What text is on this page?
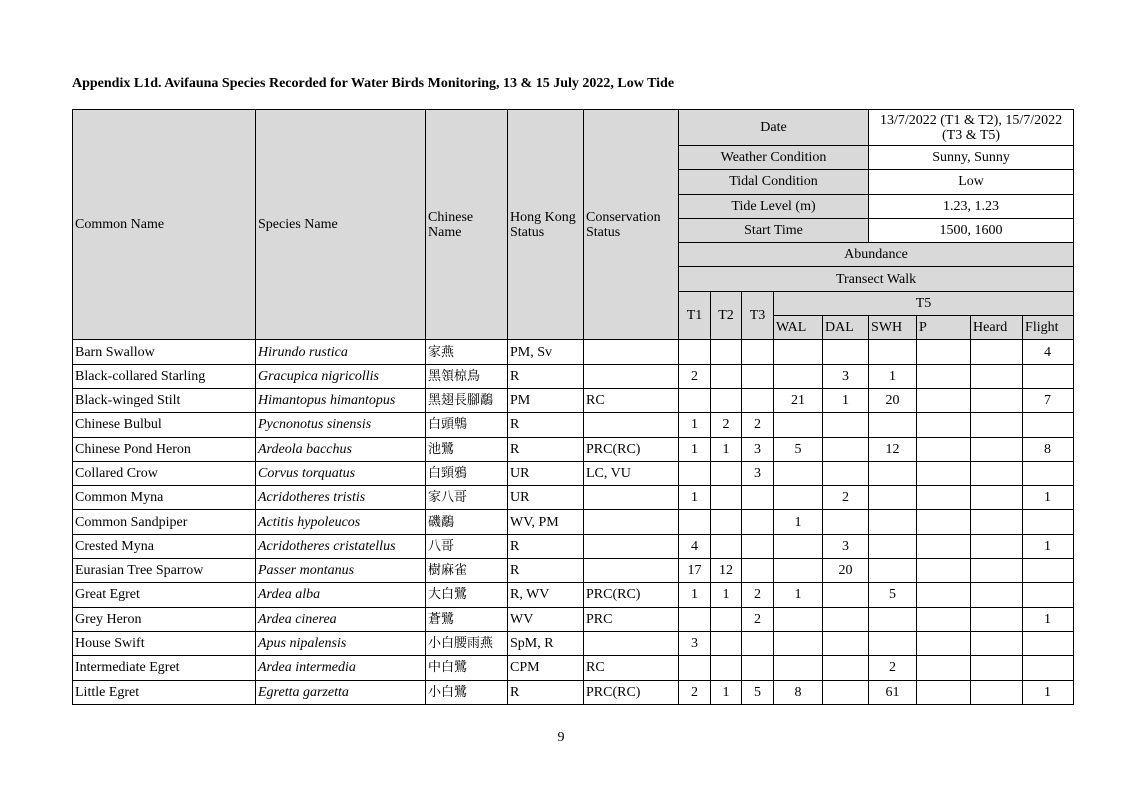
Appendix L1d. Avifauna Species Recorded for Water Birds Monitoring, 13 & 15 July 2022, Low Tide
Common Name	Species Name	Chinese Name	Hong Kong Status	Conservation Status	Date					13/7/2022 (T1 & T2), 15/7/2022 (T3 & T5)			
					Weather Condition					Sunny, Sunny			
					Tidal Condition					Low			
					Tide Level (m)					1.23, 1.23			
					Start Time					1500, 1600			
					Abundance								
					Transect Walk								
					T1	T2	T3	T5					
								WAL	DAL	SWH	P	Heard	Flight
Barn Swallow	Hirundo rustica	家燕	PM, Sv										4
Black-collared Starling	Gracupica nigricollis	黑領椋鳥	R		2				3	1			
Black-winged Stilt	Himantopus himantopus	黑翅長腳鷸	PM	RC				21	1	20			7
Chinese Bulbul	Pycnonotus sinensis	白頭鵯	R		1	2	2						
Chinese Pond Heron	Ardeola bacchus	池鷺	R	PRC(RC)	1	1	3	5		12			8
Collared Crow	Corvus torquatus	白頸鴉	UR	LC, VU			3						
Common Myna	Acridotheres tristis	家八哥	UR		1				2				1
Common Sandpiper	Actitis hypoleucos	磯鷸	WV, PM					1					
Crested Myna	Acridotheres cristatellus	八哥	R		4				3				1
Eurasian Tree Sparrow	Passer montanus	樹麻雀	R		17	12			20				
Great Egret	Ardea alba	大白鷺	R, WV	PRC(RC)	1	1	2	1		5			
Grey Heron	Ardea cinerea	蒼鷺	WV	PRC			2						1
House Swift	Apus nipalensis	小白腰雨燕	SpM, R		3								
Intermediate Egret	Ardea intermedia	中白鷺	CPM	RC						2			
Little Egret	Egretta garzetta	小白鷺	R	PRC(RC)	2	1	5	8		61			1
9
